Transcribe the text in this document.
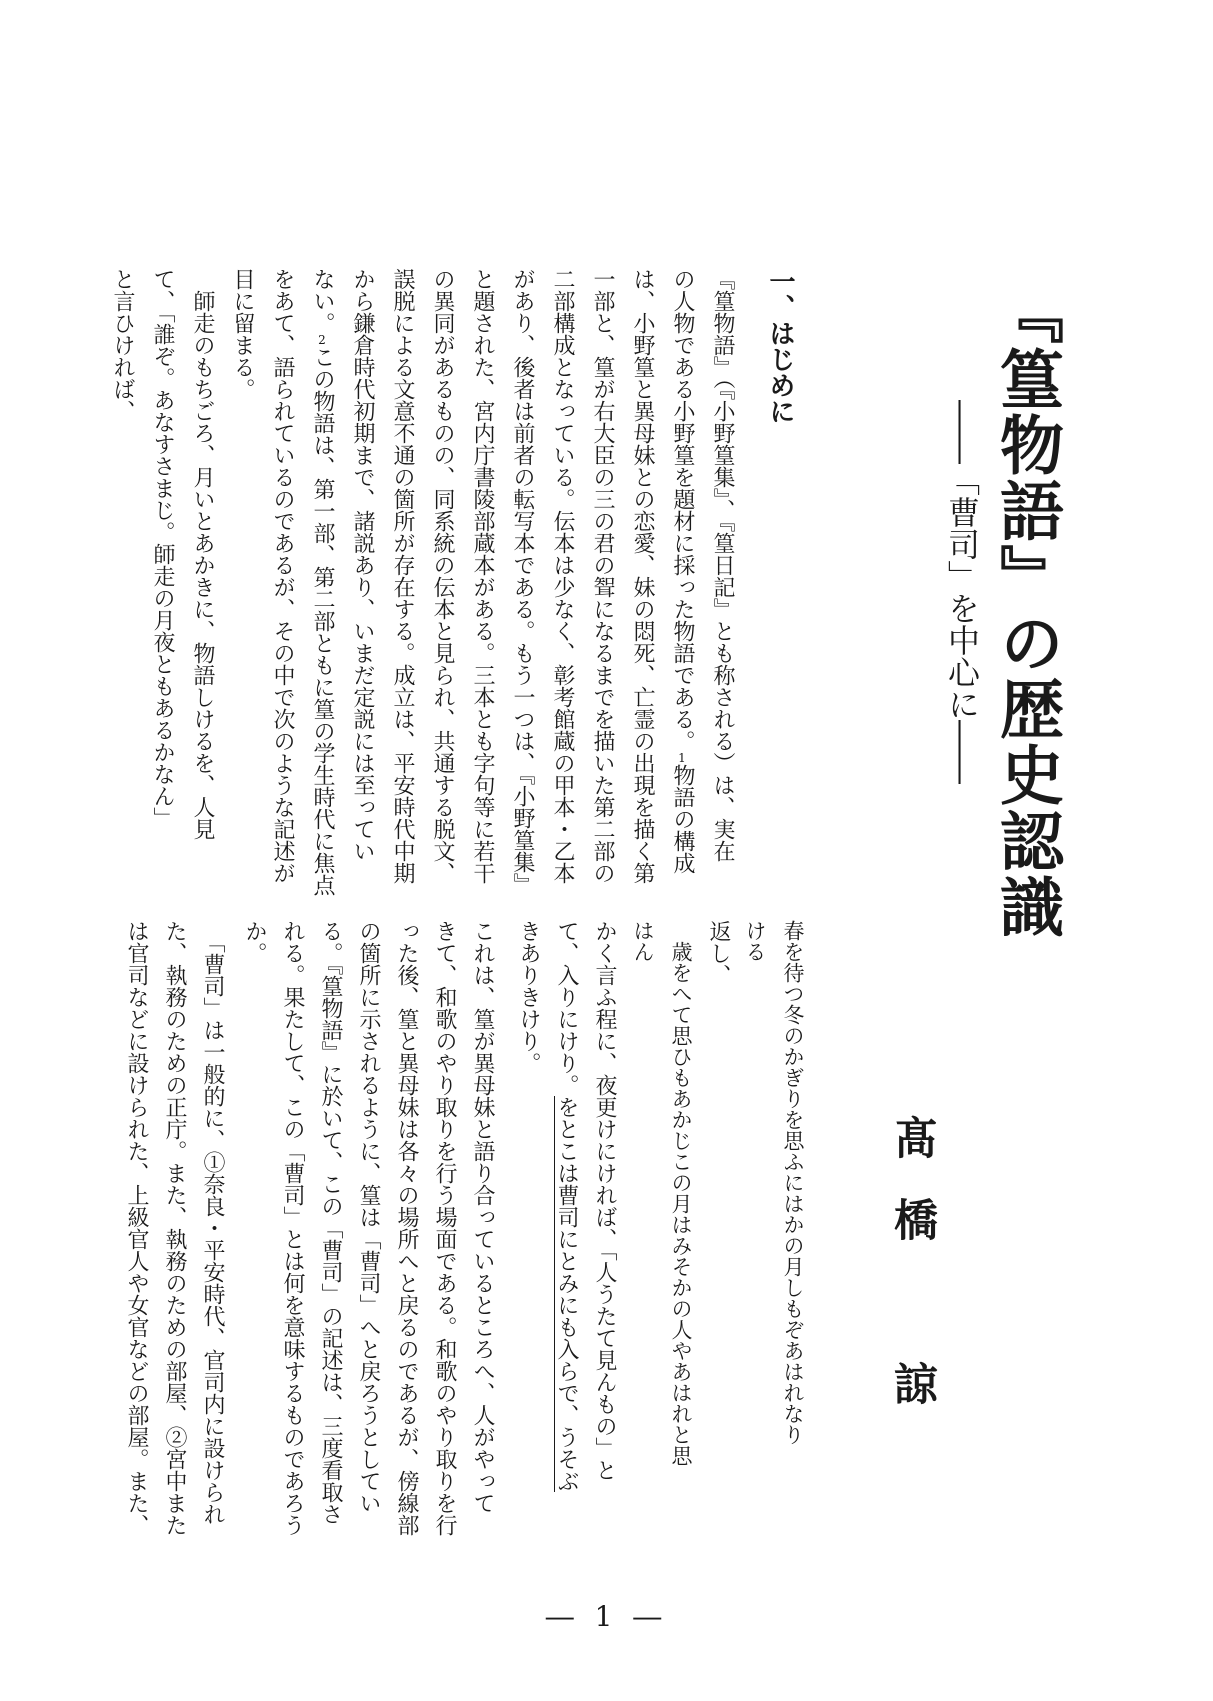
『篁物語』の歴史認識
――「曹司」を中心に――
髙橋　諒
一、はじめに
『篁物語』（『小野篁集』、『篁日記』とも称される）は、実在
の人物である小野篁を題材に採った物語である。1物語の構成
は、小野篁と異母妹との恋愛、妹の悶死、亡霊の出現を描く第
一部と、篁が右大臣の三の君の聟になるまでを描いた第二部の
二部構成となっている。伝本は少なく、彰考館蔵の甲本・乙本
があり、後者は前者の転写本である。もう一つは、『小野篁集』
と題された、宮内庁書陵部蔵本がある。三本とも字句等に若干
の異同があるものの、同系統の伝本と見られ、共通する脱文、
誤脱による文意不通の箇所が存在する。成立は、平安時代中期
から鎌倉時代初期まで、諸説あり、いまだ定説には至ってい
ない。2この物語は、第一部、第二部ともに篁の学生時代に焦点
をあて、語られているのであるが、その中で次のような記述が
目に留まる。
　師走のもちごろ、月いとあかきに、物語しけるを、人見
て、「誰ぞ。あなすさまじ。師走の月夜ともあるかなん」
と言ひければ、
春を待つ冬のかぎりを思ふにはかの月しもぞあはれなり
ける
返し、
　歳をへて思ひもあかじこの月はみそかの人やあはれと思
はん
かく言ふ程に、夜更けにければ、「人うたて見んもの」と
て、入りにけり。をとこは曹司にとみにも入らで、うそぶ
きありきけり。
これは、篁が異母妹と語り合っているところへ、人がやって
きて、和歌のやり取りを行う場面である。和歌のやり取りを行
った後、篁と異母妹は各々の場所へと戻るのであるが、傍線部
の箇所に示されるように、篁は「曹司」へと戻ろうとしてい
る。『篁物語』に於いて、この「曹司」の記述は、三度看取さ
れる。果たして、この「曹司」とは何を意味するものであろう
か。
　「曹司」は一般的に、①奈良・平安時代、官司内に設けられ
た、執務のための正庁。また、執務のための部屋、②宮中また
は官司などに設けられた、上級官人や女官などの部屋。また、
― 1 ―
